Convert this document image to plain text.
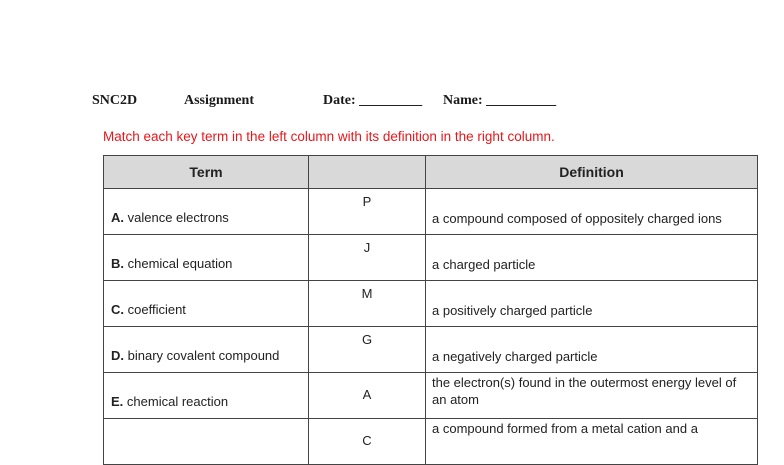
SNC2D	Assignment	Date: _________ Name: __________
Match each key term in the left column with its definition in the right column.
Term		Definition

A. valence electrons	P	a compound composed of oppositely charged ions

B. chemical equation	J	a charged particle

C. coefficient	M	a positively charged particle

D. binary covalent compound	G	a negatively charged particle

E. chemical reaction	A	the electron(s) found in the outermost energy level of an atom

	C	a compound formed from a metal cation and a
